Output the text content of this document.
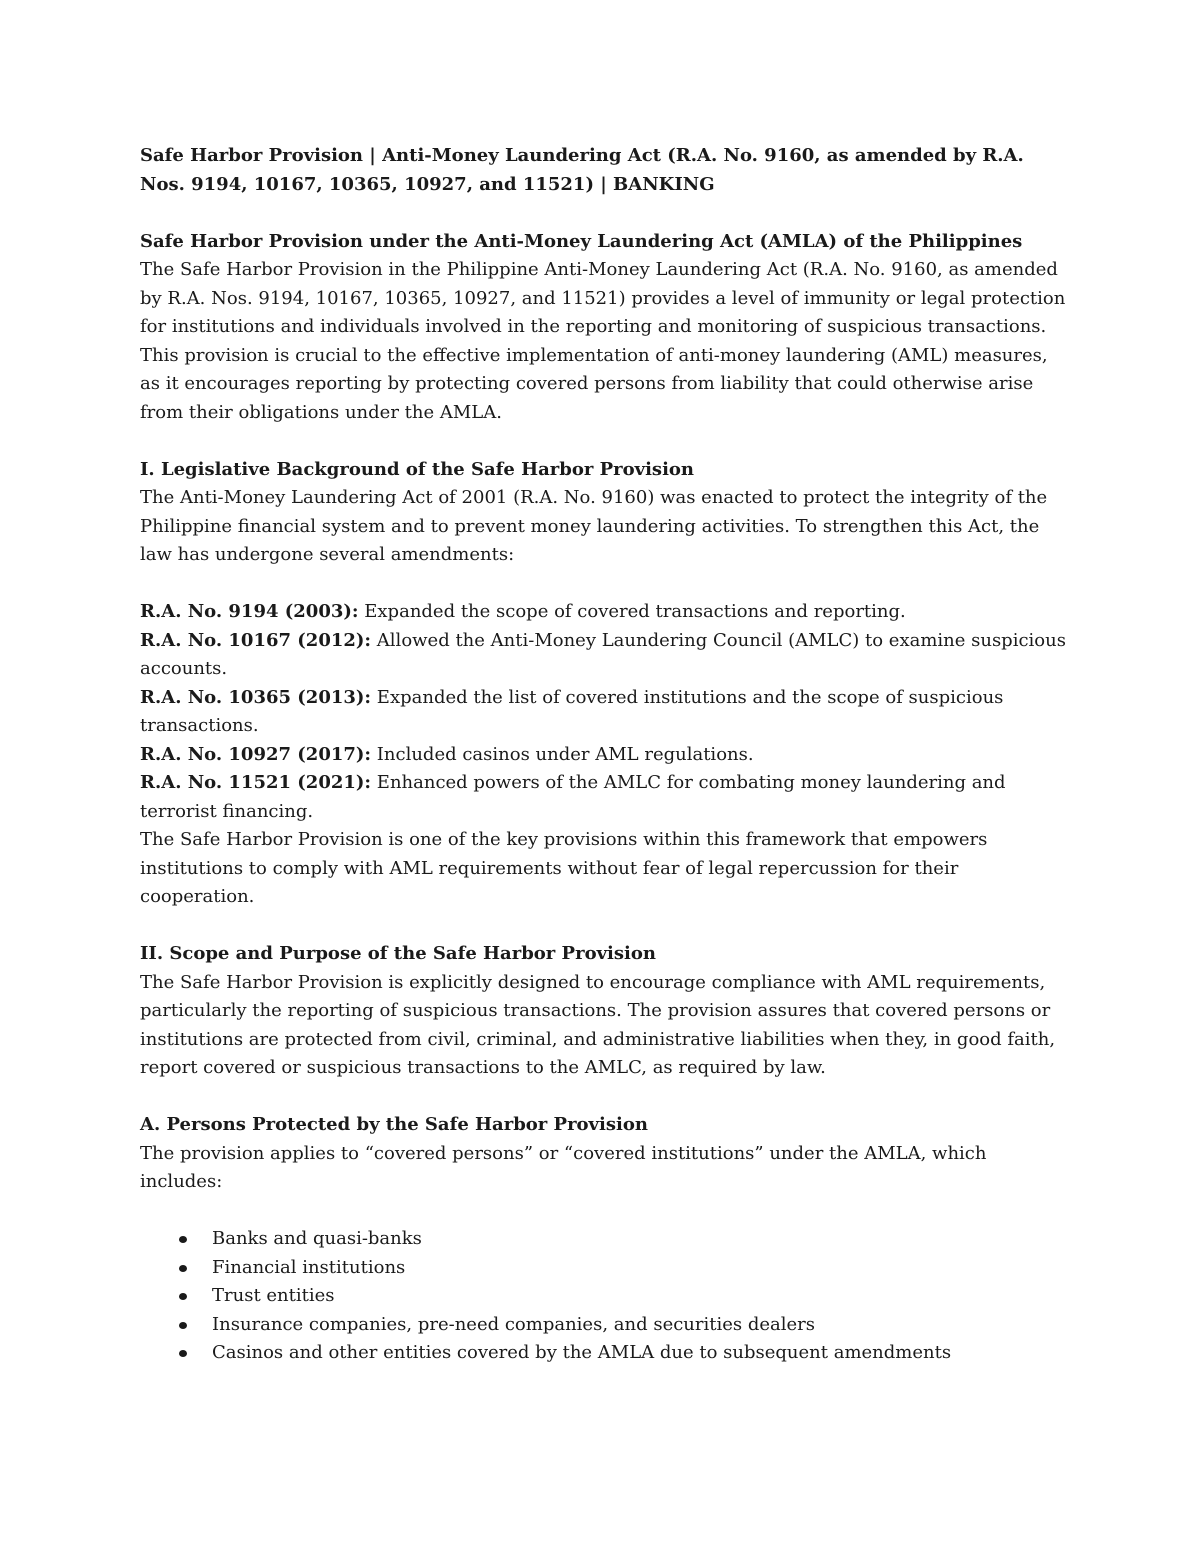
Safe Harbor Provision | Anti-Money Laundering Act (R.A. No. 9160, as amended by R.A. Nos. 9194, 10167, 10365, 10927, and 11521) | BANKING

Safe Harbor Provision under the Anti-Money Laundering Act (AMLA) of the Philippines

The Safe Harbor Provision in the Philippine Anti-Money Laundering Act (R.A. No. 9160, as amended by R.A. Nos. 9194, 10167, 10365, 10927, and 11521) provides a level of immunity or legal protection for institutions and individuals involved in the reporting and monitoring of suspicious transactions. This provision is crucial to the effective implementation of anti-money laundering (AML) measures, as it encourages reporting by protecting covered persons from liability that could otherwise arise from their obligations under the AMLA.

I. Legislative Background of the Safe Harbor Provision

The Anti-Money Laundering Act of 2001 (R.A. No. 9160) was enacted to protect the integrity of the Philippine financial system and to prevent money laundering activities. To strengthen this Act, the law has undergone several amendments:

R.A. No. 9194 (2003): Expanded the scope of covered transactions and reporting.

R.A. No. 10167 (2012): Allowed the Anti-Money Laundering Council (AMLC) to examine suspicious accounts.

R.A. No. 10365 (2013): Expanded the list of covered institutions and the scope of suspicious transactions.

R.A. No. 10927 (2017): Included casinos under AML regulations.

R.A. No. 11521 (2021): Enhanced powers of the AMLC for combating money laundering and terrorist financing.

The Safe Harbor Provision is one of the key provisions within this framework that empowers institutions to comply with AML requirements without fear of legal repercussion for their cooperation.

II. Scope and Purpose of the Safe Harbor Provision

The Safe Harbor Provision is explicitly designed to encourage compliance with AML requirements, particularly the reporting of suspicious transactions. The provision assures that covered persons or institutions are protected from civil, criminal, and administrative liabilities when they, in good faith, report covered or suspicious transactions to the AMLC, as required by law.

A. Persons Protected by the Safe Harbor Provision

The provision applies to “covered persons” or “covered institutions” under the AMLA, which includes:

Banks and quasi-banks
Financial institutions
Trust entities
Insurance companies, pre-need companies, and securities dealers
Casinos and other entities covered by the AMLA due to subsequent amendments
